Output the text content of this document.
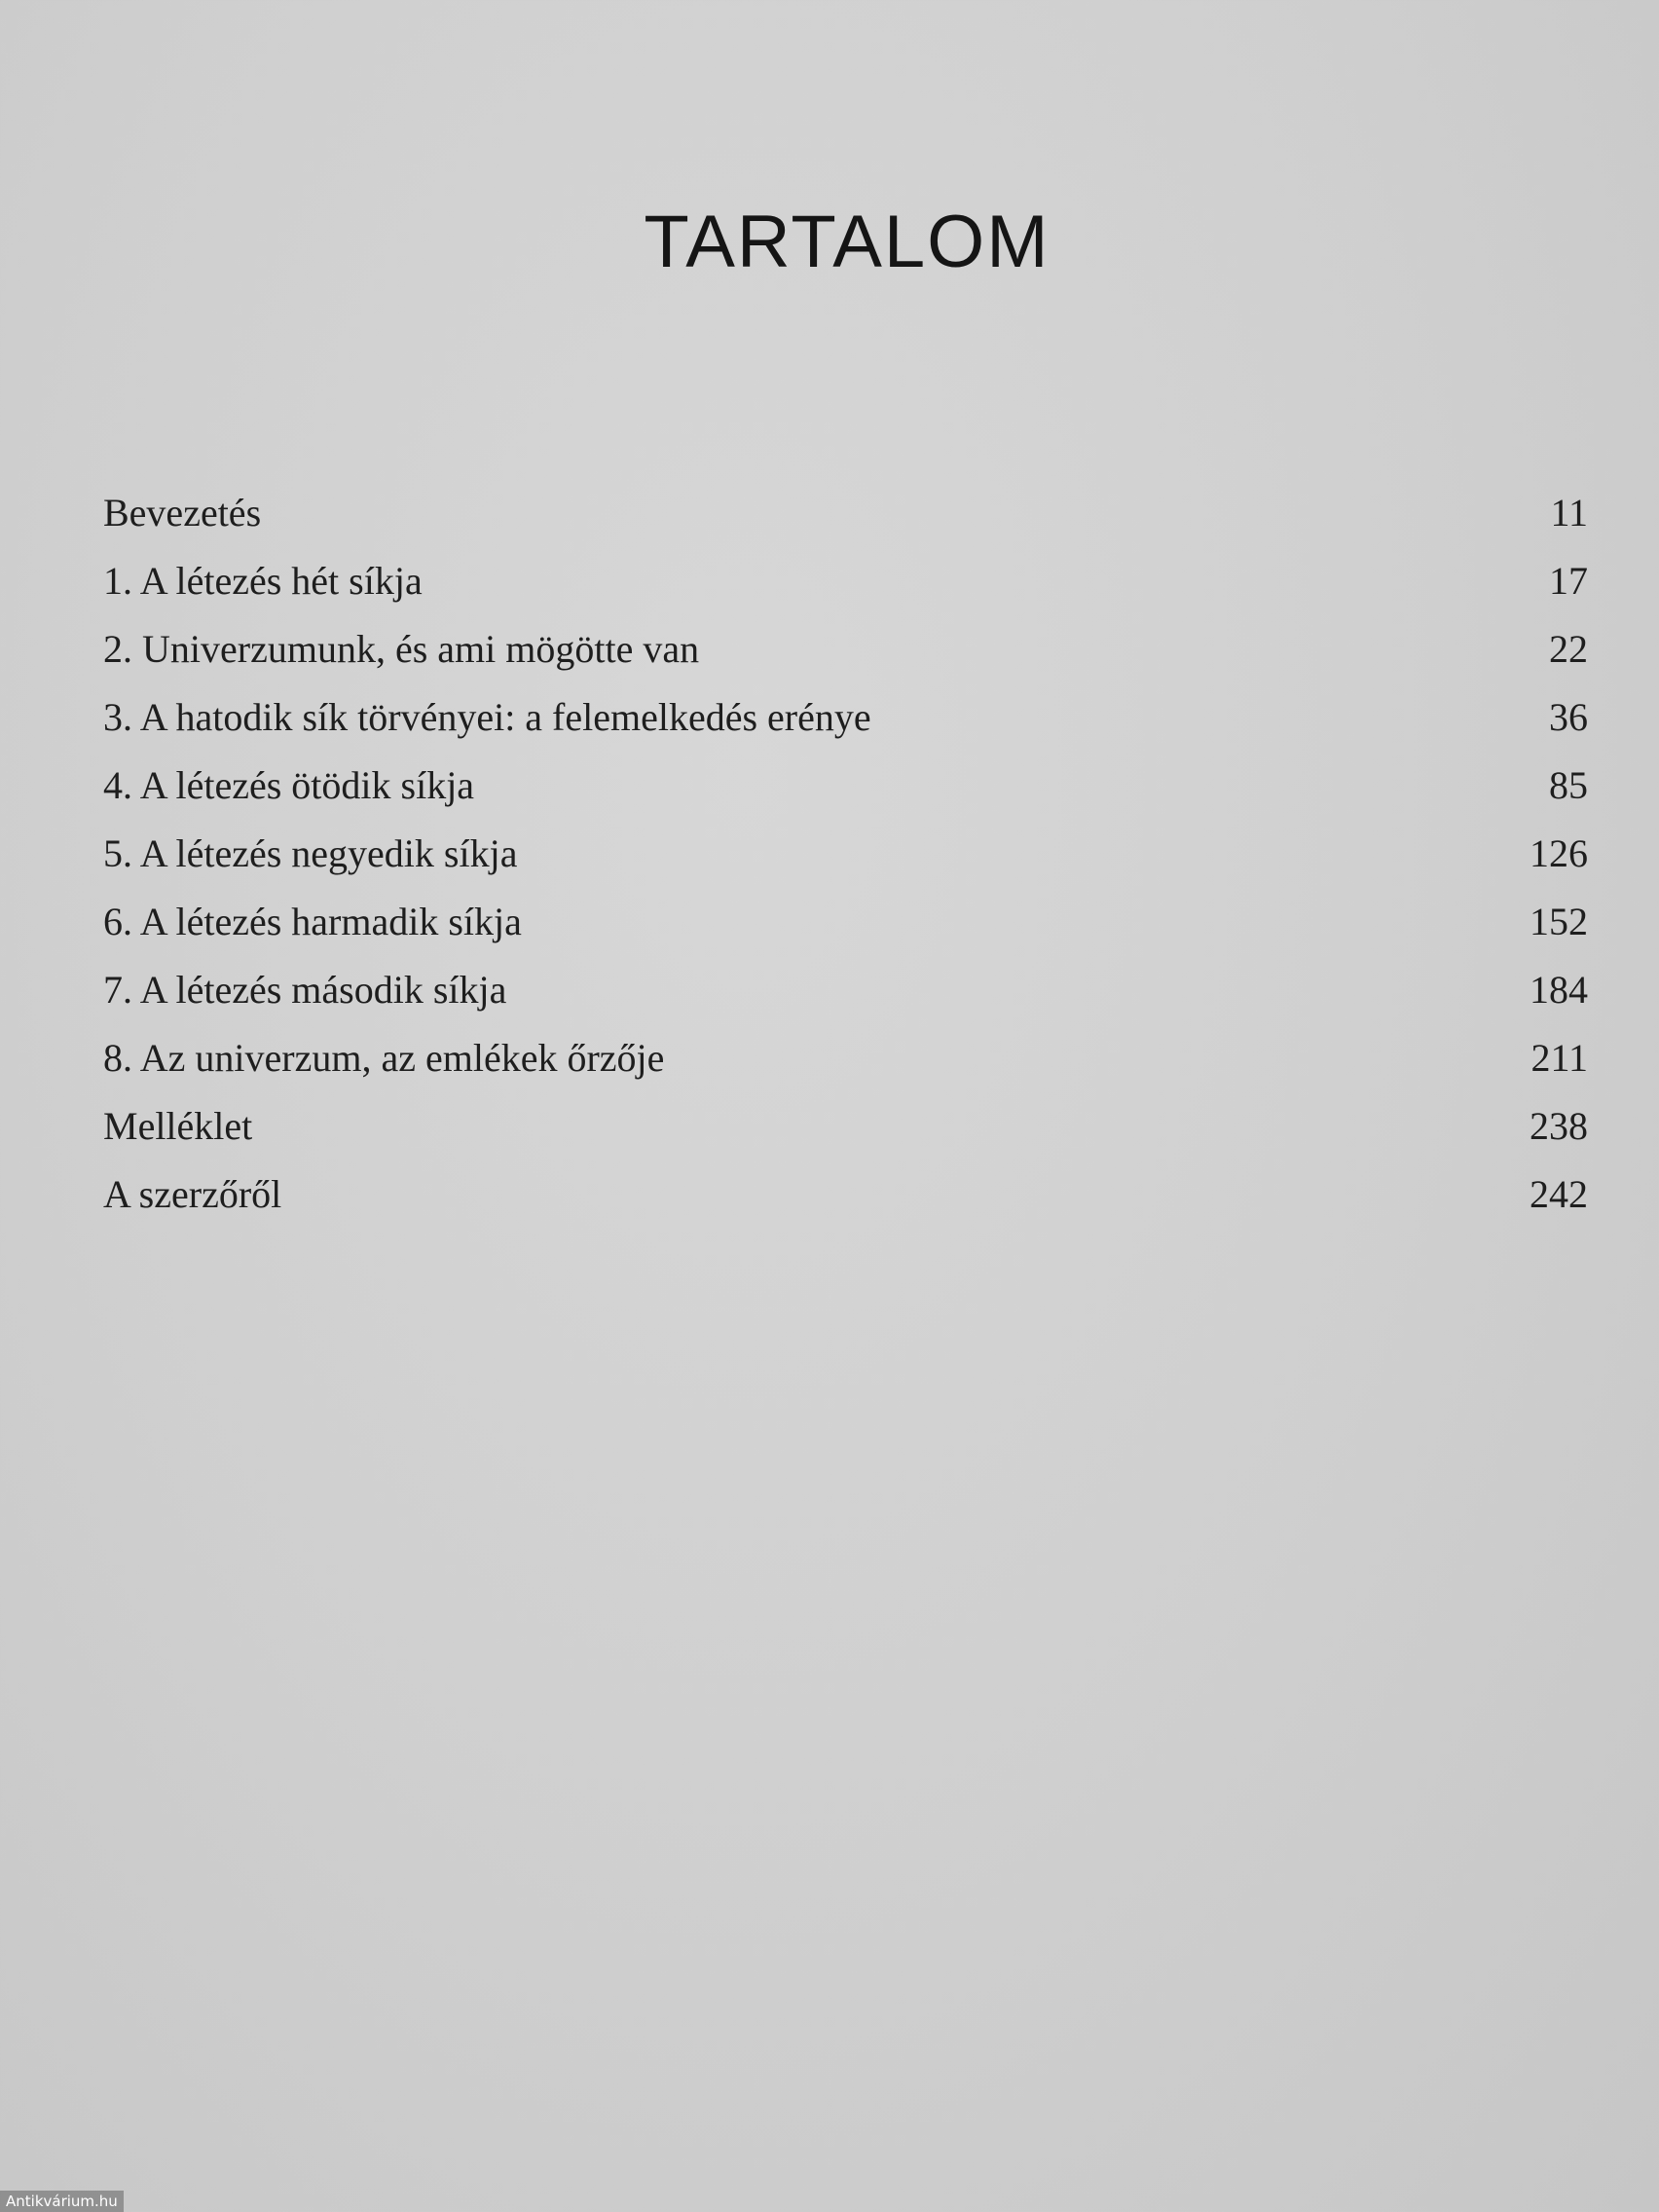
TARTALOM
Bevezetés	11
1. A létezés hét síkja	17
2. Univerzumunk, és ami mögötte van	22
3. A hatodik sík törvényei: a felemelkedés erénye	36
4. A létezés ötödik síkja	85
5. A létezés negyedik síkja	126
6. A létezés harmadik síkja	152
7. A létezés második síkja	184
8. Az univerzum, az emlékek őrzője	211
Melléklet	238
A szerzőről	242
Antikvárium.hu
